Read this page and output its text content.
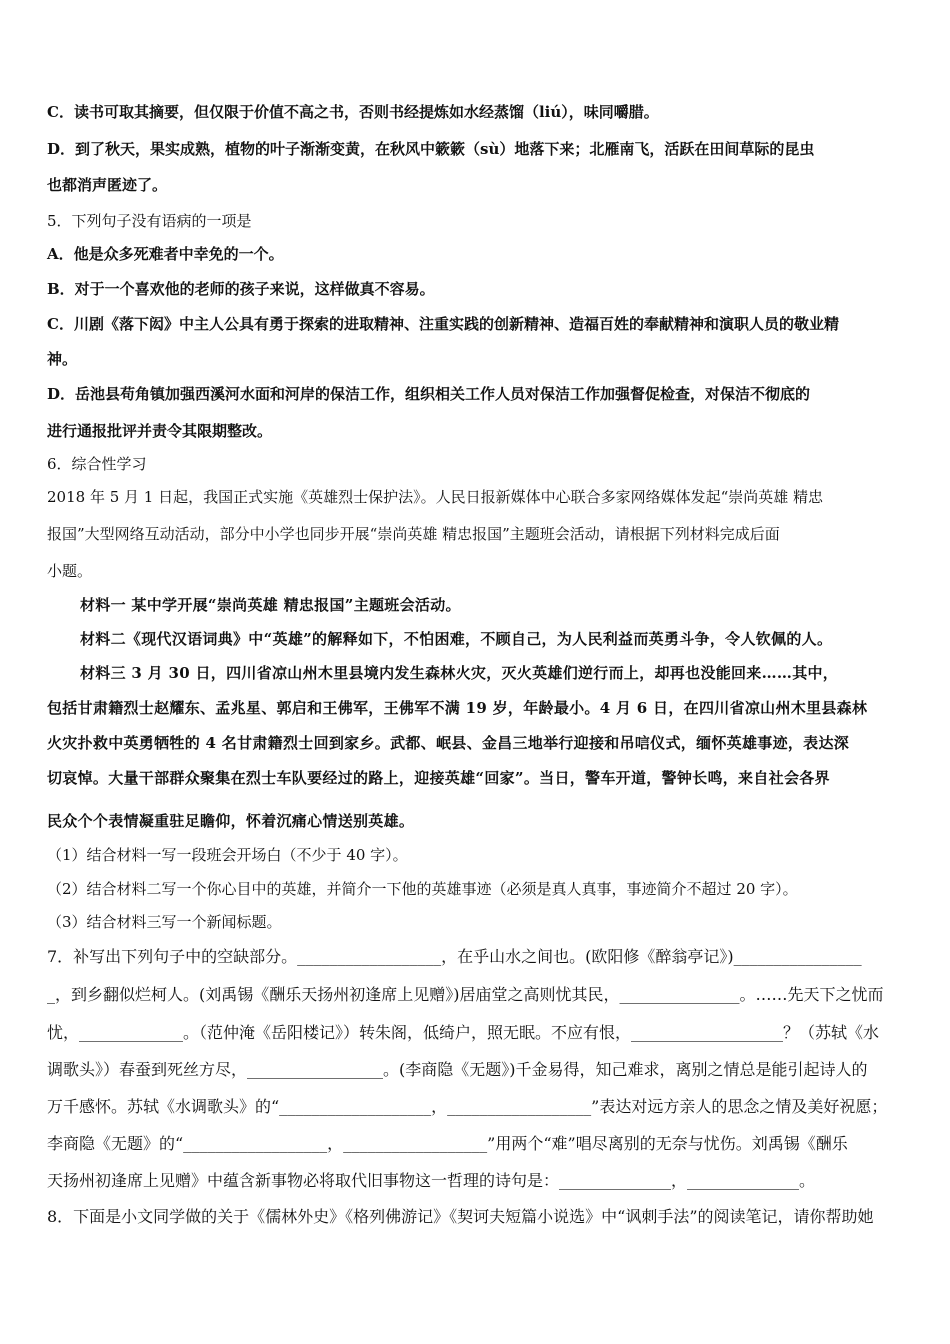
C．读书可取其摘要，但仅限于价值不高之书，否则书经提炼如水经蒸馏（liú），味同嚼腊。
D．到了秋天，果实成熟，植物的叶子渐渐变黄，在秋风中簌簌（sù）地落下来；北雁南飞，活跃在田间草际的昆虫
也都消声匿迹了。
5．下列句子没有语病的一项是
A．他是众多死难者中幸免的一个。
B．对于一个喜欢他的老师的孩子来说，这样做真不容易。
C．川剧《落下闳》中主人公具有勇于探索的进取精神、注重实践的创新精神、造福百姓的奉献精神和演职人员的敬业精
神。
D．岳池县苟角镇加强西溪河水面和河岸的保洁工作，组织相关工作人员对保洁工作加强督促检查，对保洁不彻底的
进行通报批评并责令其限期整改。
6．综合性学习
2018 年 5 月 1 日起，我国正式实施《英雄烈士保护法》。人民日报新媒体中心联合多家网络媒体发起“崇尚英雄 精忠
报国”大型网络互动活动，部分中小学也同步开展“崇尚英雄 精忠报国”主题班会活动，请根据下列材料完成后面
小题。
材料一 某中学开展“崇尚英雄 精忠报国”主题班会活动。
材料二《现代汉语词典》中“英雄”的解释如下，不怕困难，不顾自己，为人民利益而英勇斗争，令人钦佩的人。
材料三 3 月 30 日，四川省凉山州木里县境内发生森林火灾，灭火英雄们逆行而上，却再也没能回来……其中，
包括甘肃籍烈士赵耀东、孟兆星、郭启和王佛军，王佛军不满 19 岁，年龄最小。4 月 6 日，在四川省凉山州木里县森林
火灾扑救中英勇牺牲的 4 名甘肃籍烈士回到家乡。武都、岷县、金昌三地举行迎接和吊唁仪式，缅怀英雄事迹，表达深
切哀悼。大量干部群众聚集在烈士车队要经过的路上，迎接英雄“回家”。当日，警车开道，警钟长鸣，来自社会各界
民众个个表情凝重驻足瞻仰，怀着沉痛心情送别英雄。
（1）结合材料一写一段班会开场白（不少于 40 字）。
（2）结合材料二写一个你心目中的英雄，并简介一下他的英雄事迹（必须是真人真事，事迹简介不超过 20 字）。
（3）结合材料三写一个新闻标题。
7．补写出下列句子中的空缺部分。__________________，在乎山水之间也。(欧阳修《醉翁亭记》)________________
_，到乡翻似烂柯人。(刘禹锡《酬乐天扬州初逢席上见赠》)居庙堂之高则忧其民，_______________。……先天下之忧而
忧，_____________。（范仲淹《岳阳楼记》）转朱阁，低绮户，照无眠。不应有恨，___________________？（苏轼《水
调歌头》）春蚕到死丝方尽，_________________。(李商隐《无题》)千金易得，知己难求，离别之情总是能引起诗人的
万千感怀。苏轼《水调歌头》的“___________________，__________________”表达对远方亲人的思念之情及美好祝愿；
李商隐《无题》的“__________________，__________________”用两个“难”唱尽离别的无奈与忧伤。刘禹锡《酬乐
天扬州初逢席上见赠》中蕴含新事物必将取代旧事物这一哲理的诗句是：______________，______________。
8．下面是小文同学做的关于《儒林外史》《格列佛游记》《契诃夫短篇小说选》中“讽刺手法”的阅读笔记，请你帮助她
